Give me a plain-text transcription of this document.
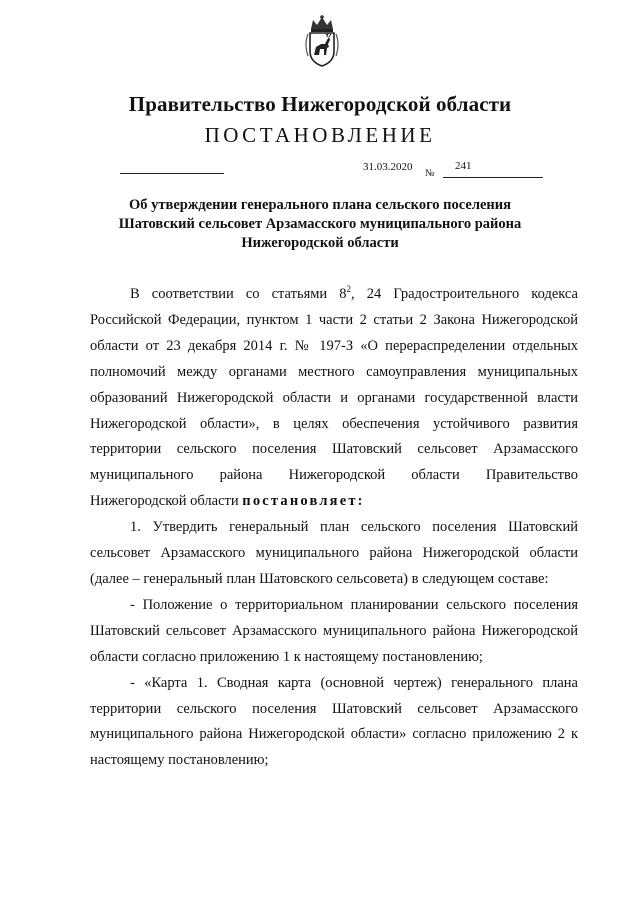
Правительство Нижегородской области
ПОСТАНОВЛЕНИЕ
31.03.2020
№
241
Об утверждении генерального плана сельского поселения
Шатовский сельсовет Арзамасского муниципального района
Нижегородской области

В соответствии со статьями $8^2$, 24 Градостроительного кодекса Российской Федерации, пунктом 1 части 2 статьи 2 Закона Нижегородской области от 23 декабря 2014 г. № 197-З «О перераспределении отдельных полномочий между органами местного самоуправления муниципальных образований Нижегородской области и органами государственной власти Нижегородской области», в целях обеспечения устойчивого развития территории сельского поселения Шатовский сельсовет Арзамасского муниципального района Нижегородской области Правительство Нижегородской области постановляет:

1. Утвердить генеральный план сельского поселения Шатовский сельсовет Арзамасского муниципального района Нижегородской области (далее – генеральный план Шатовского сельсовета) в следующем составе:

- Положение о территориальном планировании сельского поселения Шатовский сельсовет Арзамасского муниципального района Нижегородской области согласно приложению 1 к настоящему постановлению;

- «Карта 1. Сводная карта (основной чертеж) генерального плана территории сельского поселения Шатовский сельсовет Арзамасского муниципального района Нижегородской области» согласно приложению 2 к настоящему постановлению;
